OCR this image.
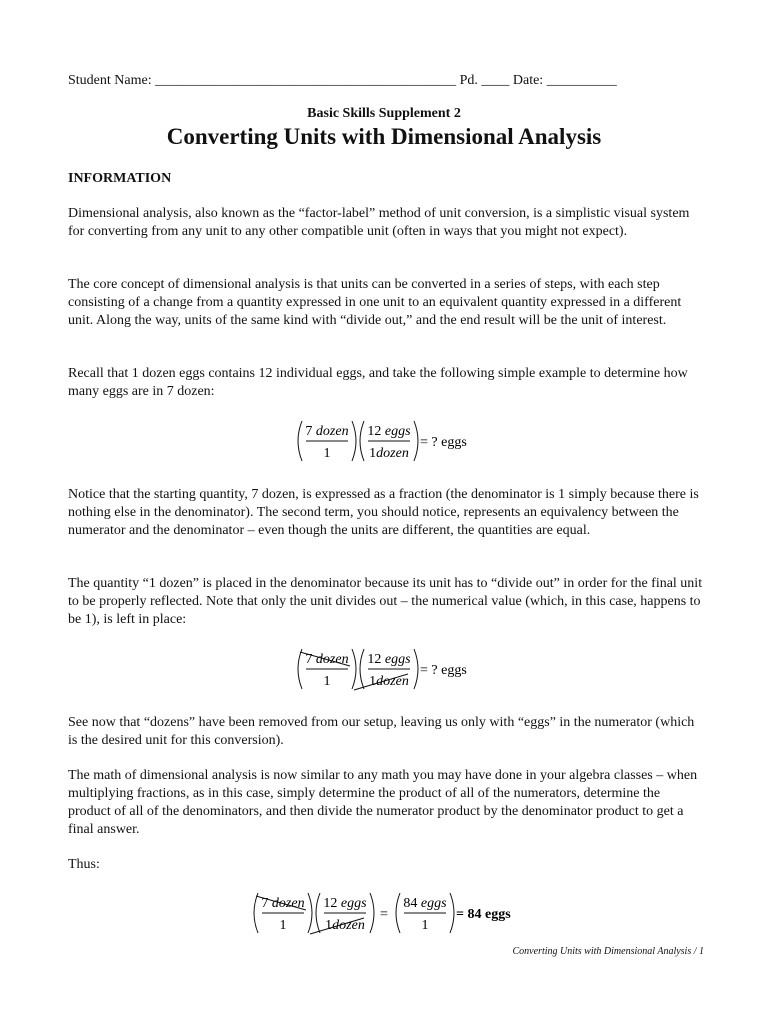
Student Name: ___________________________________________ Pd. ____ Date: __________

Basic Skills Supplement 2
Converting Units with Dimensional Analysis

INFORMATION

Dimensional analysis, also known as the “factor-label” method of unit conversion, is a simplistic visual system for converting from any unit to any other compatible unit (often in ways that you might not expect).

The core concept of dimensional analysis is that units can be converted in a series of steps, with each step consisting of a change from a quantity expressed in one unit to an equivalent quantity expressed in a different unit. Along the way, units of the same kind with “divide out,” and the end result will be the unit of interest.

Recall that 1 dozen eggs contains 12 individual eggs, and take the following simple example to determine how many eggs are in 7 dozen:

7 dozen
1
12 eggs
1dozen
= ? eggs

Notice that the starting quantity, 7 dozen, is expressed as a fraction (the denominator is 1 simply because there is nothing else in the denominator). The second term, you should notice, represents an equivalency between the numerator and the denominator – even though the units are different, the quantities are equal.

The quantity “1 dozen” is placed in the denominator because its unit has to “divide out” in order for the final unit to be properly reflected. Note that only the unit divides out – the numerical value (which, in this case, happens to be 1), is left in place:

7 dozen
1
12 eggs
1dozen
= ? eggs

See now that “dozens” have been removed from our setup, leaving us only with “eggs” in the numerator (which is the desired unit for this conversion).

The math of dimensional analysis is now similar to any math you may have done in your algebra classes – when multiplying fractions, as in this case, simply determine the product of all of the numerators, determine the product of all of the denominators, and then divide the numerator product by the denominator product to get a final answer.

Thus:

7 dozen
1
12 eggs
1dozen
=
84 eggs
1
= 84 eggs
Converting Units with Dimensional Analysis / 1
